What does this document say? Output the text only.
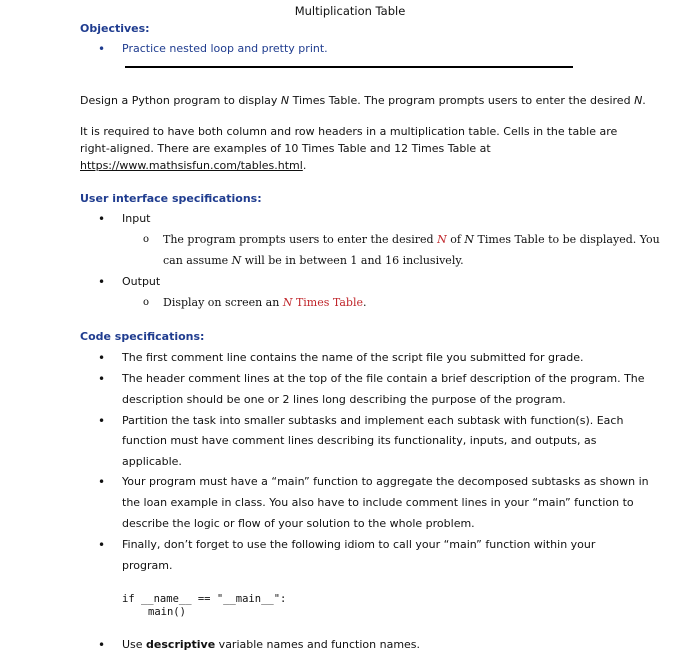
Multiplication Table
Objectives:
• Practice nested loop and pretty print.
Design a Python program to display N Times Table. The program prompts users to enter the desired N.
It is required to have both column and row headers in a multiplication table. Cells in the table are
right-aligned. There are examples of 10 Times Table and 12 Times Table at
https://www.mathsisfun.com/tables.html.
User interface specifications:
• Input
o The program prompts users to enter the desired N of N Times Table to be displayed. You
can assume N will be in between 1 and 16 inclusively.
• Output
o Display on screen an N Times Table.
Code specifications:
• The first comment line contains the name of the script file you submitted for grade.
• The header comment lines at the top of the file contain a brief description of the program. The
description should be one or 2 lines long describing the purpose of the program.
• Partition the task into smaller subtasks and implement each subtask with function(s). Each
function must have comment lines describing its functionality, inputs, and outputs, as
applicable.
• Your program must have a “main” function to aggregate the decomposed subtasks as shown in
the loan example in class. You also have to include comment lines in your “main” function to
describe the logic or flow of your solution to the whole problem.
• Finally, don’t forget to use the following idiom to call your “main” function within your
program.
if __name__ == "__main__":
main()
• Use descriptive variable names and function names.
